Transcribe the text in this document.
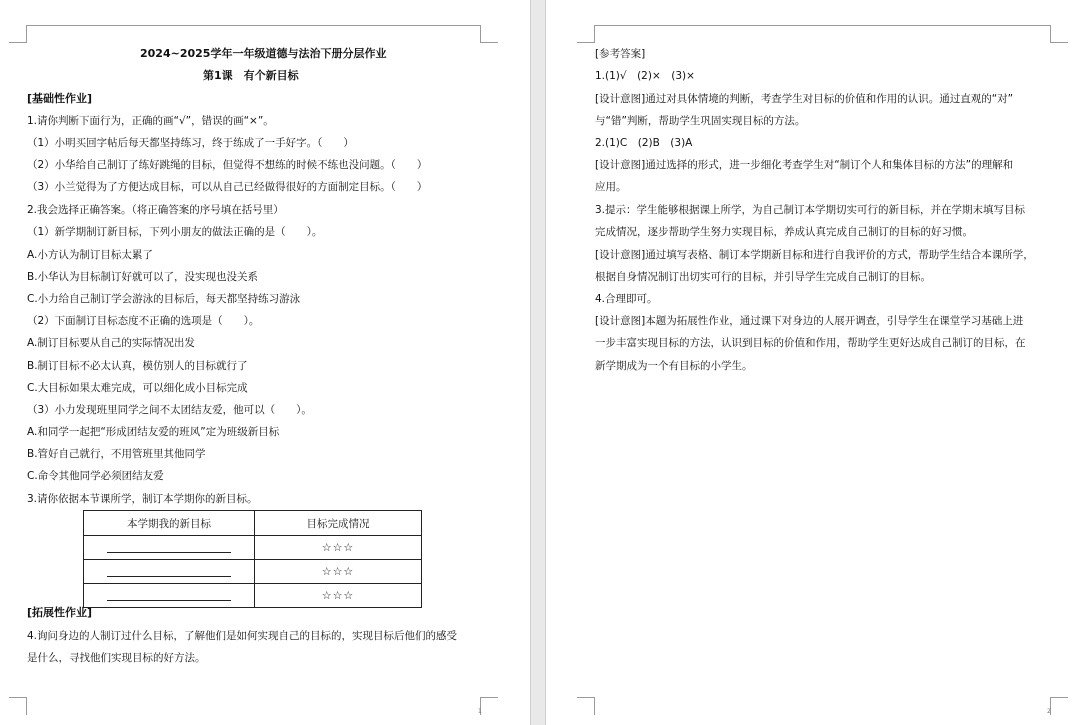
2024~2025学年一年级道德与法治下册分层作业
第1课　有个新目标
[基础性作业]
1.请你判断下面行为，正确的画“√”，错误的画“×”。
（1）小明买回字帖后每天都坚持练习，终于练成了一手好字。（　　）
（2）小华给自己制订了练好跳绳的目标，但觉得不想练的时候不练也没问题。（　　）
（3）小兰觉得为了方便达成目标，可以从自己已经做得很好的方面制定目标。（　　）
2.我会选择正确答案。（将正确答案的序号填在括号里）
（1）新学期制订新目标，下列小朋友的做法正确的是（　　）。
A.小方认为制订目标太累了
B.小华认为目标制订好就可以了，没实现也没关系
C.小力给自己制订学会游泳的目标后，每天都坚持练习游泳
（2）下面制订目标态度不正确的选项是（　　）。
A.制订目标要从自己的实际情况出发
B.制订目标不必太认真，模仿别人的目标就行了
C.大目标如果太难完成，可以细化成小目标完成
（3）小力发现班里同学之间不太团结友爱，他可以（　　）。
A.和同学一起把“形成团结友爱的班风”定为班级新目标
B.管好自己就行，不用管班里其他同学
C.命令其他同学必须团结友爱
3.请你依据本节课所学，制订本学期你的新目标。
本学期我的新目标	目标完成情况
	☆☆☆
	☆☆☆
	☆☆☆
[拓展性作业]
4.询问身边的人制订过什么目标，了解他们是如何实现自己的目标的，实现目标后他们的感受
是什么，寻找他们实现目标的好方法。
1
[参考答案]
1.(1)√　(2)×　(3)×
[设计意图]通过对具体情境的判断，考查学生对目标的价值和作用的认识。通过直观的“对”
与“错”判断，帮助学生巩固实现目标的方法。
2.(1)C　(2)B　(3)A
[设计意图]通过选择的形式，进一步细化考查学生对“制订个人和集体目标的方法”的理解和
应用。
3.提示：学生能够根据课上所学，为自己制订本学期切实可行的新目标，并在学期末填写目标
完成情况，逐步帮助学生努力实现目标，养成认真完成自己制订的目标的好习惯。
[设计意图]通过填写表格、制订本学期新目标和进行自我评价的方式，帮助学生结合本课所学，
根据自身情况制订出切实可行的目标，并引导学生完成自己制订的目标。
4.合理即可。
[设计意图]本题为拓展性作业，通过课下对身边的人展开调查，引导学生在课堂学习基础上进
一步丰富实现目标的方法，认识到目标的价值和作用，帮助学生更好达成自己制订的目标，在
新学期成为一个有目标的小学生。
2
